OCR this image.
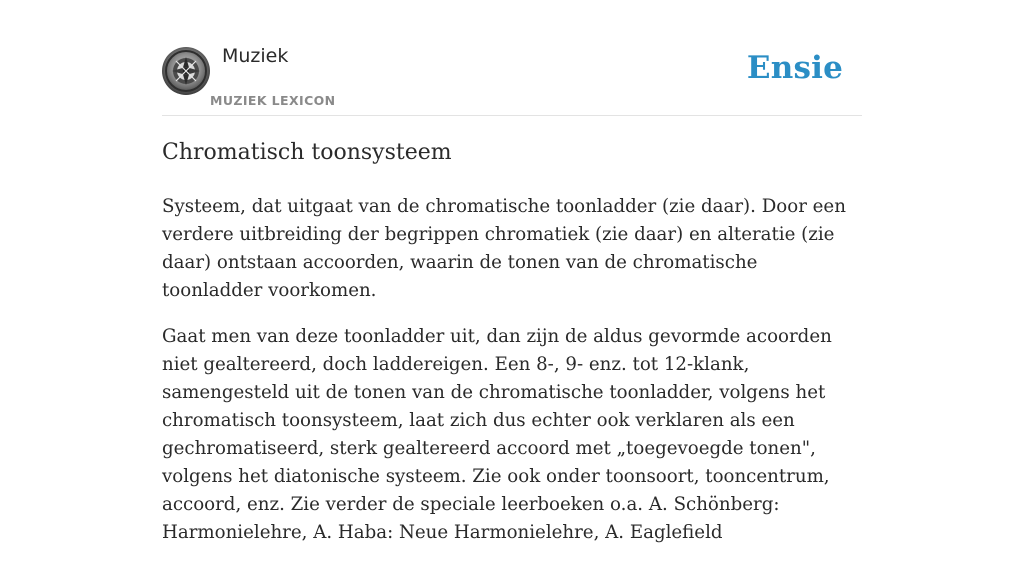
Muziek
MUZIEK LEXICON
Ensie
Chromatisch toonsysteem

Systeem, dat uitgaat van de chromatische toonladder (zie daar). Door een verdere uitbreiding der begrippen chromatiek (zie daar) en alteratie (zie daar) ontstaan accoorden, waarin de tonen van de chromatische toonladder voorkomen.

Gaat men van deze toonladder uit, dan zijn de aldus gevormde acoorden niet gealtereerd, doch laddereigen. Een 8-, 9- enz. tot 12-klank, samengesteld uit de tonen van de chromatische toonladder, volgens het chromatisch toonsysteem, laat zich dus echter ook verklaren als een gechromatiseerd, sterk gealtereerd accoord met „toegevoegde tonen", volgens het diatonische systeem. Zie ook onder toonsoort, tooncentrum, accoord, enz. Zie verder de speciale leerboeken o.a. A. Schönberg: Harmonielehre, A. Haba: Neue Harmonielehre, A. Eaglefield
